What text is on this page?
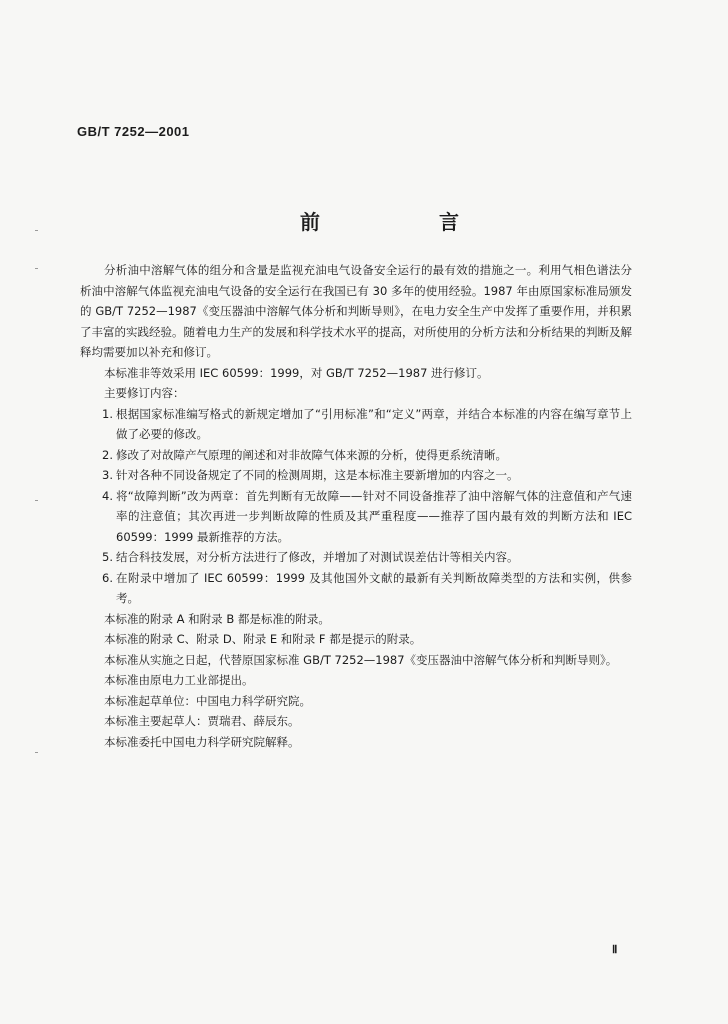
GB/T 7252—2001
前 言

分析油中溶解气体的组分和含量是监视充油电气设备安全运行的最有效的措施之一。利用气相色谱法分析油中溶解气体监视充油电气设备的安全运行在我国已有 30 多年的使用经验。1987 年由原国家标准局颁发的 GB/T 7252—1987《变压器油中溶解气体分析和判断导则》，在电力安全生产中发挥了重要作用，并积累了丰富的实践经验。随着电力生产的发展和科学技术水平的提高，对所使用的分析方法和分析结果的判断及解释均需要加以补充和修订。

本标准非等效采用 IEC 60599：1999，对 GB/T 7252—1987 进行修订。

主要修订内容：

1. 根据国家标准编写格式的新规定增加了“引用标准”和“定义”两章，并结合本标准的内容在编写章节上做了必要的修改。
2. 修改了对故障产气原理的阐述和对非故障气体来源的分析，使得更系统清晰。
3. 针对各种不同设备规定了不同的检测周期，这是本标准主要新增加的内容之一。
4. 将“故障判断”改为两章：首先判断有无故障——针对不同设备推荐了油中溶解气体的注意值和产气速率的注意值；其次再进一步判断故障的性质及其严重程度——推荐了国内最有效的判断方法和 IEC 60599：1999 最新推荐的方法。
5. 结合科技发展，对分析方法进行了修改，并增加了对测试误差估计等相关内容。
6. 在附录中增加了 IEC 60599：1999 及其他国外文献的最新有关判断故障类型的方法和实例，供参考。

本标准的附录 A 和附录 B 都是标准的附录。

本标准的附录 C、附录 D、附录 E 和附录 F 都是提示的附录。

本标准从实施之日起，代替原国家标准 GB/T 7252—1987《变压器油中溶解气体分析和判断导则》。

本标准由原电力工业部提出。

本标准起草单位：中国电力科学研究院。

本标准主要起草人：贾瑞君、薛辰东。

本标准委托中国电力科学研究院解释。

Ⅱ
